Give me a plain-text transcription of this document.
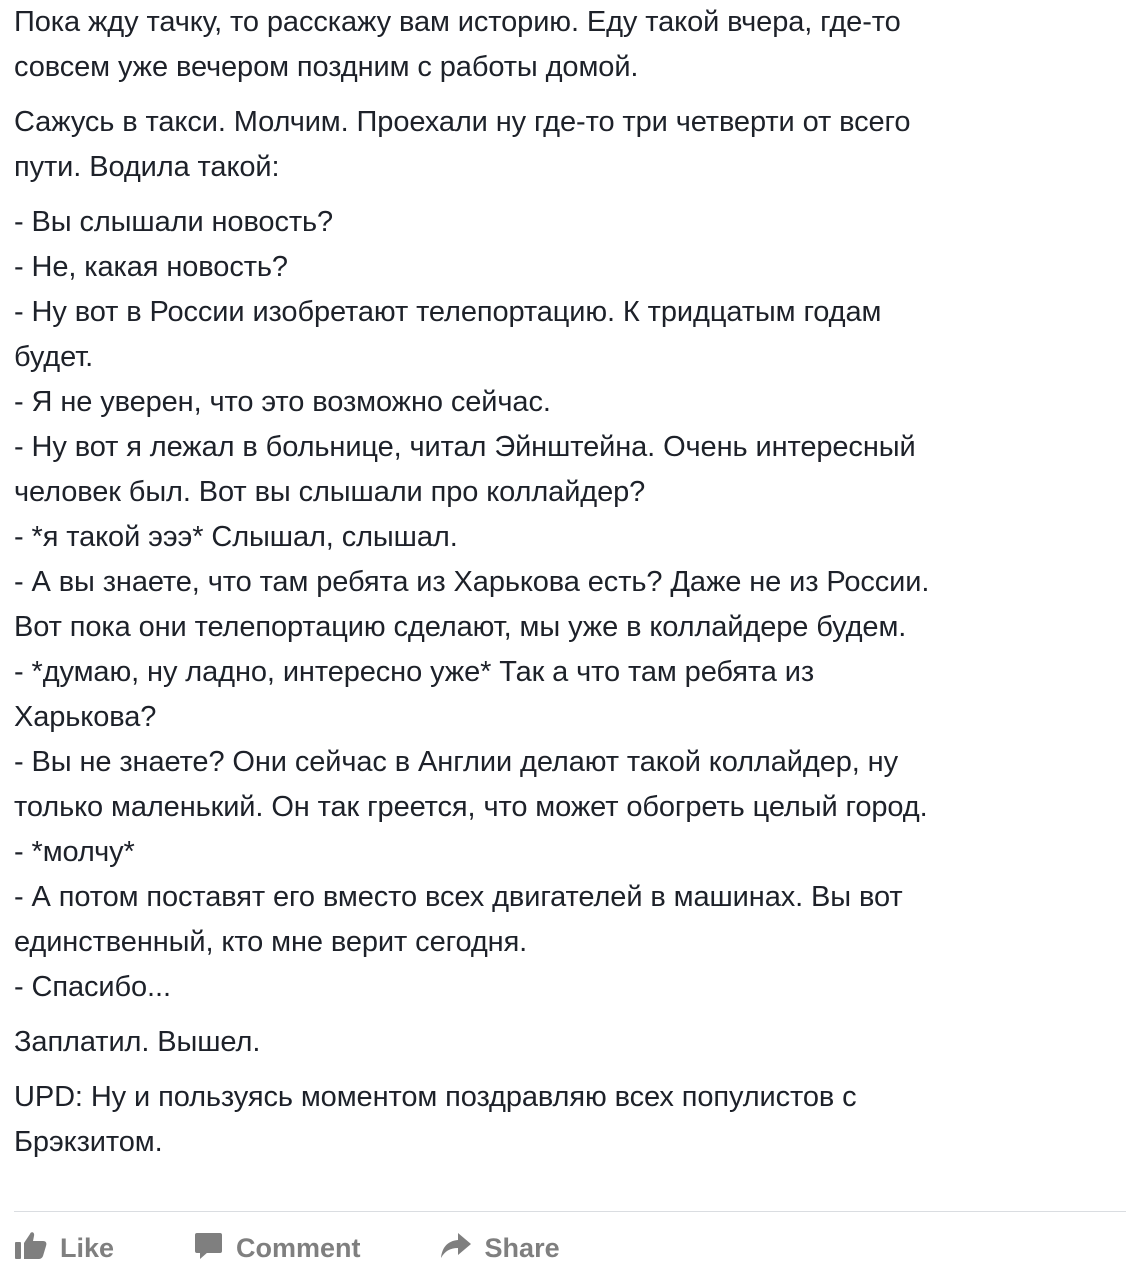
Пока жду тачку, то расскажу вам историю. Еду такой вчера, где-то
совсем уже вечером поздним с работы домой.

Сажусь в такси. Молчим. Проехали ну где-то три четверти от всего
пути. Водила такой:

- Вы слышали новость?
- Не, какая новость?
- Ну вот в России изобретают телепортацию. К тридцатым годам
будет.
- Я не уверен, что это возможно сейчас.
- Ну вот я лежал в больнице, читал Эйнштейна. Очень интересный
человек был. Вот вы слышали про коллайдер?
- *я такой эээ* Слышал, слышал.
- А вы знаете, что там ребята из Харькова есть? Даже не из России.
Вот пока они телепортацию сделают, мы уже в коллайдере будем.
- *думаю, ну ладно, интересно уже* Так а что там ребята из
Харькова?
- Вы не знаете? Они сейчас в Англии делают такой коллайдер, ну
только маленький. Он так греется, что может обогреть целый город.
- *молчу*
- А потом поставят его вместо всех двигателей в машинах. Вы вот
единственный, кто мне верит сегодня.
- Спасибо...

Заплатил. Вышел.

UPD: Ну и пользуясь моментом поздравляю всех популистов с
Брэкзитом.

Like	Comment	Share
